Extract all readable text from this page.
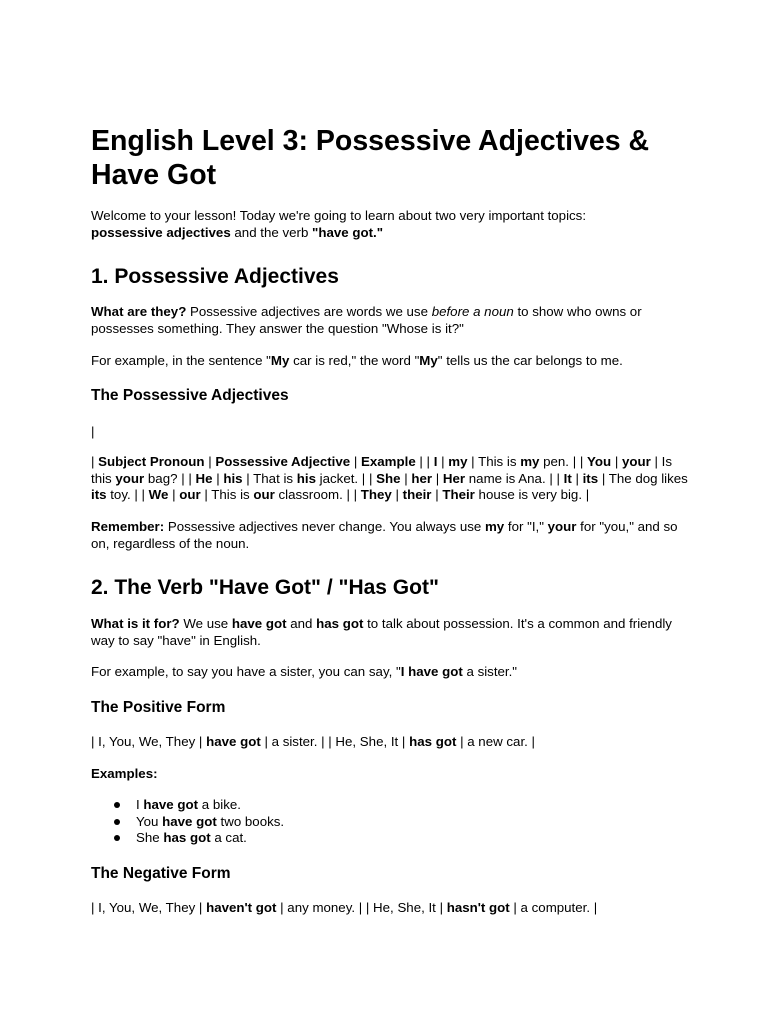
English Level 3: Possessive Adjectives & Have Got

Welcome to your lesson! Today we're going to learn about two very important topics:
possessive adjectives and the verb "have got."

1. Possessive Adjectives

What are they? Possessive adjectives are words we use before a noun to show who owns or possesses something. They answer the question "Whose is it?"

For example, in the sentence "My car is red," the word "My" tells us the car belongs to me.

The Possessive Adjectives

|

| Subject Pronoun | Possessive Adjective | Example | | I | my | This is my pen. | | You | your | Is this your bag? | | He | his | That is his jacket. | | She | her | Her name is Ana. | | It | its | The dog likes its toy. | | We | our | This is our classroom. | | They | their | Their house is very big. |

Remember: Possessive adjectives never change. You always use my for "I," your for "you," and so on, regardless of the noun.

2. The Verb "Have Got" / "Has Got"

What is it for? We use have got and has got to talk about possession. It's a common and friendly way to say "have" in English.

For example, to say you have a sister, you can say, "I have got a sister."

The Positive Form

| I, You, We, They | have got | a sister. | | He, She, It | has got | a new car. |

Examples:

I have got a bike.
You have got two books.
She has got a cat.
The Negative Form

| I, You, We, They | haven't got | any money. | | He, She, It | hasn't got | a computer. |
